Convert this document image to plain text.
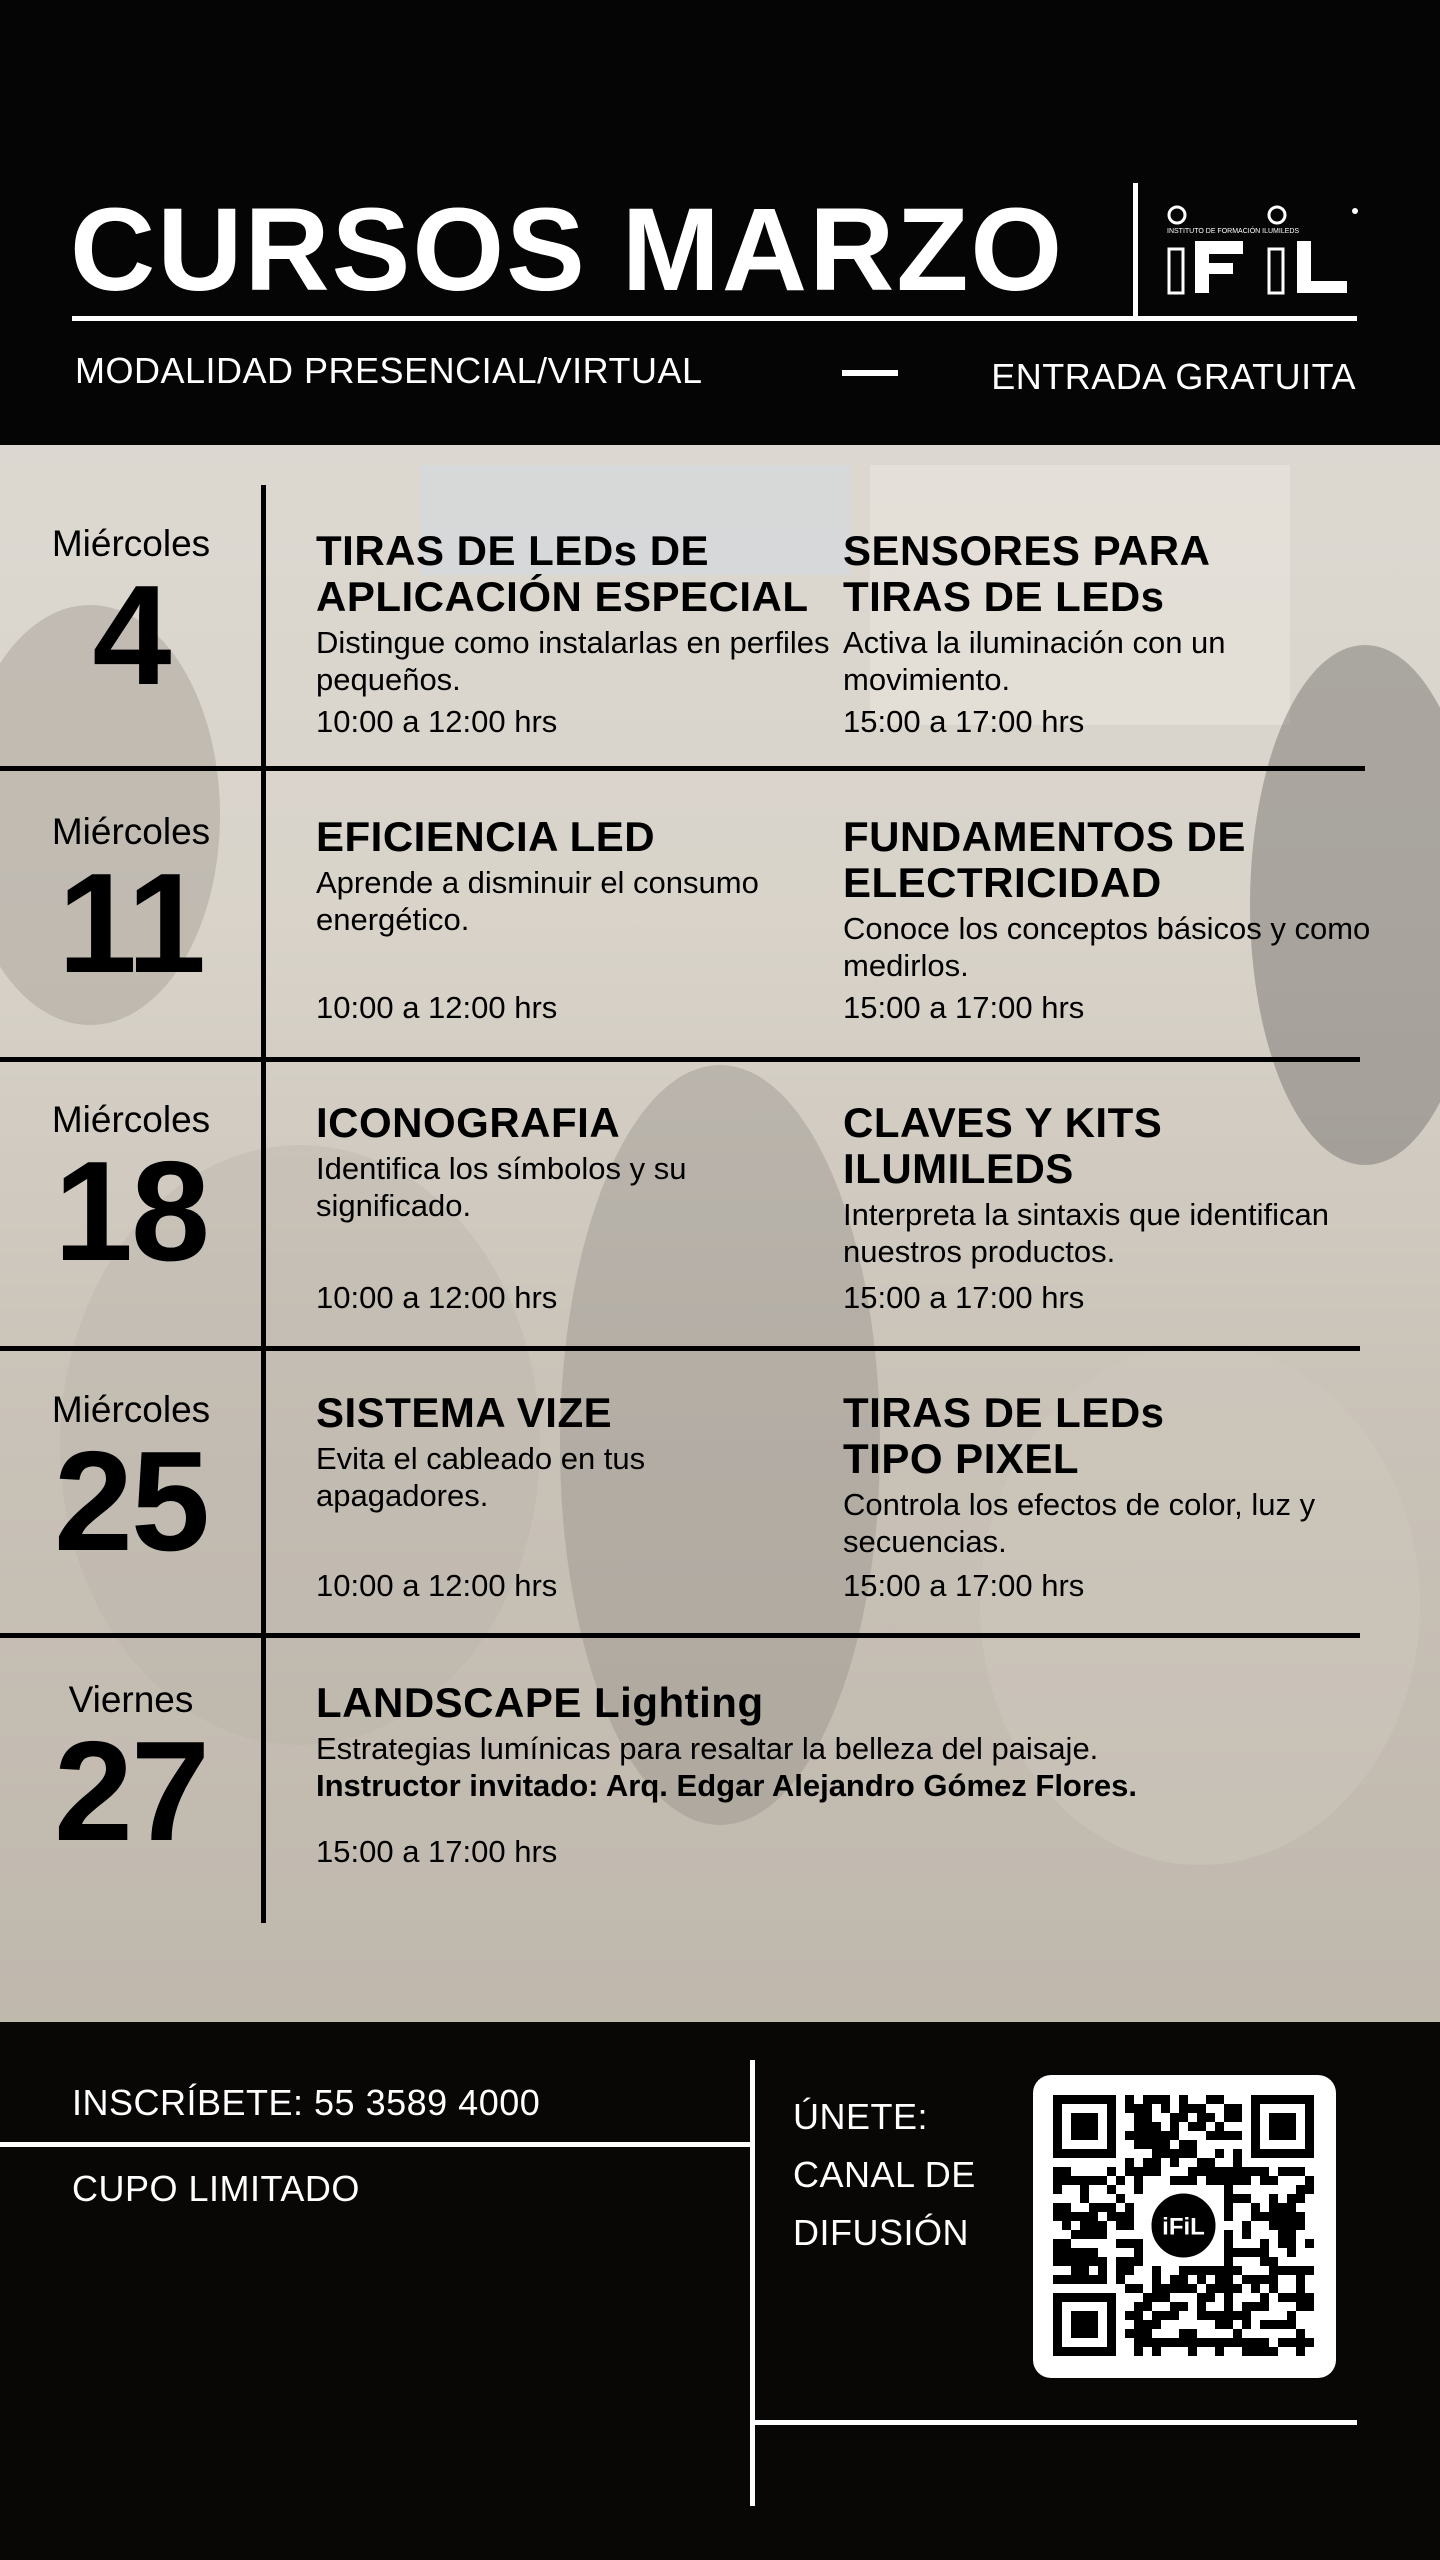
CURSOS MARZO	INSTITUTO DE FORMACIÓN ILUMILEDS
MODALIDAD PRESENCIAL/VIRTUAL	ENTRADA GRATUITA
Miércoles
4
TIRAS DE LEDs DE
APLICACIÓN ESPECIAL

Distingue como instalarlas en perfiles pequeños.

10:00 a 12:00 hrs
SENSORES PARA
TIRAS DE LEDs

Activa la iluminación con un movimiento.

15:00 a 17:00 hrs
Miércoles
11
EFICIENCIA LED

Aprende a disminuir el consumo energético.

10:00 a 12:00 hrs
FUNDAMENTOS DE
ELECTRICIDAD

Conoce los conceptos básicos y como medirlos.

15:00 a 17:00 hrs
Miércoles
18
ICONOGRAFIA

Identifica los símbolos y su significado.

10:00 a 12:00 hrs
CLAVES Y KITS
ILUMILEDS

Interpreta la sintaxis que identifican nuestros productos.

15:00 a 17:00 hrs
Miércoles
25
SISTEMA VIZE

Evita el cableado en tus apagadores.

10:00 a 12:00 hrs
TIRAS DE LEDs
TIPO PIXEL

Controla los efectos de color, luz y secuencias.

15:00 a 17:00 hrs
Viernes
27
LANDSCAPE Lighting

Estrategias lumínicas para resaltar la belleza del paisaje.
Instructor invitado: Arq. Edgar Alejandro Gómez Flores.

15:00 a 17:00 hrs
INSCRÍBETE: 55 3589 4000
CUPO LIMITADO
ÚNETE:
CANAL DE
DIFUSIÓN	iFiL
